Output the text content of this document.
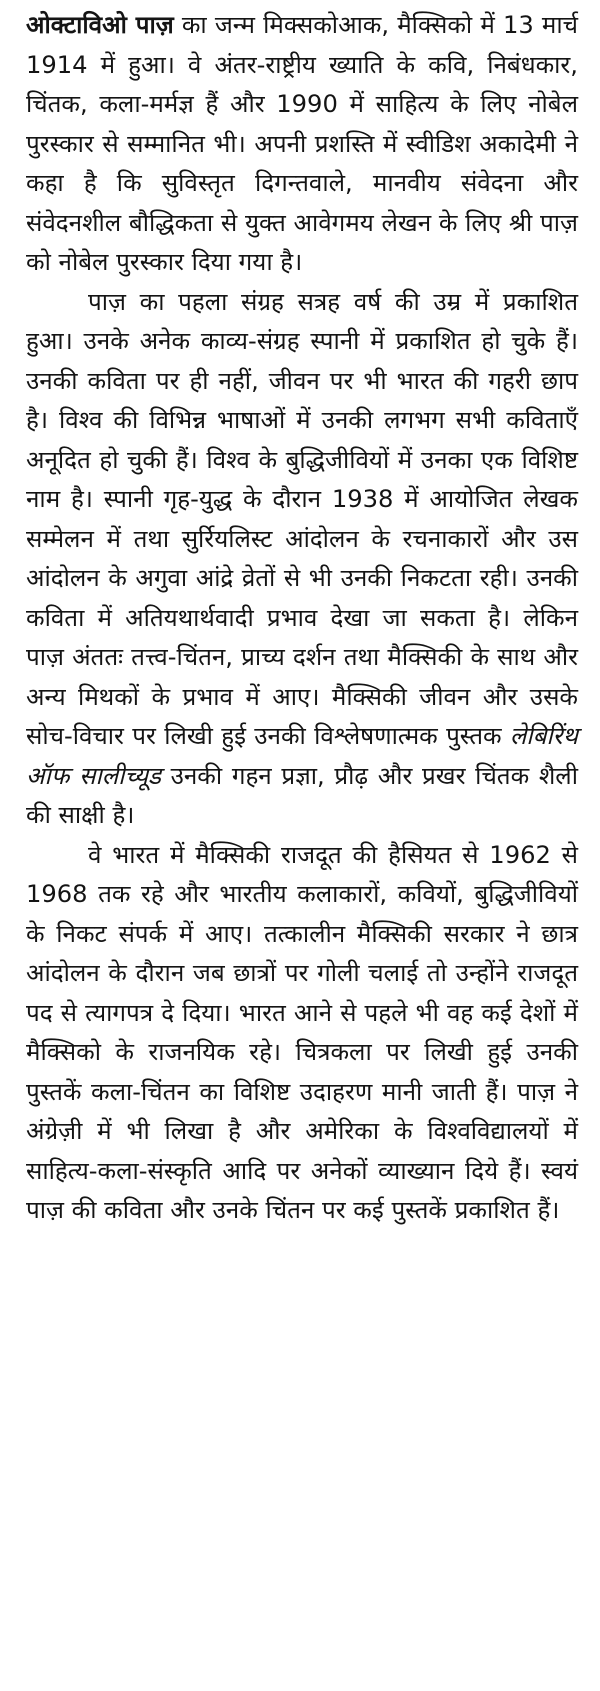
ओक्टाविओ पाज़ का जन्म मिक्सकोआक, मैक्सिको में 13 मार्च 1914 में हुआ। वे अंतर-राष्ट्रीय ख्याति के कवि, निबंधकार, चिंतक, कला-मर्मज्ञ हैं और 1990 में साहित्य के लिए नोबेल पुरस्कार से सम्मानित भी। अपनी प्रशस्ति में स्वीडिश अकादेमी ने कहा है कि सुविस्तृत दिगन्तवाले, मानवीय संवेदना और संवेदनशील बौद्धिकता से युक्त आवेगमय लेखन के लिए श्री पाज़ को नोबेल पुरस्कार दिया गया है।

पाज़ का पहला संग्रह सत्रह वर्ष की उम्र में प्रकाशित हुआ। उनके अनेक काव्य-संग्रह स्पानी में प्रकाशित हो चुके हैं। उनकी कविता पर ही नहीं, जीवन पर भी भारत की गहरी छाप है। विश्व की विभिन्न भाषाओं में उनकी लगभग सभी कविताएँ अनूदित हो चुकी हैं। विश्व के बुद्धिजीवियों में उनका एक विशिष्ट नाम है। स्पानी गृह-युद्ध के दौरान 1938 में आयोजित लेखक सम्मेलन में तथा सुर्रियलिस्ट आंदोलन के रचनाकारों और उस आंदोलन के अगुवा आंद्रे व्रेतों से भी उनकी निकटता रही। उनकी कविता में अतियथार्थवादी प्रभाव देखा जा सकता है। लेकिन पाज़ अंततः तत्त्व-चिंतन, प्राच्य दर्शन तथा मैक्सिकी के साथ और अन्य मिथकों के प्रभाव में आए। मैक्सिकी जीवन और उसके सोच-विचार पर लिखी हुई उनकी विश्लेषणात्मक पुस्तक लेबिरिंथ ऑफ सालीच्यूड उनकी गहन प्रज्ञा, प्रौढ़ और प्रखर चिंतक शैली की साक्षी है।

वे भारत में मैक्सिकी राजदूत की हैसियत से 1962 से 1968 तक रहे और भारतीय कलाकारों, कवियों, बुद्धिजीवियों के निकट संपर्क में आए। तत्कालीन मैक्सिकी सरकार ने छात्र आंदोलन के दौरान जब छात्रों पर गोली चलाई तो उन्होंने राजदूत पद से त्यागपत्र दे दिया। भारत आने से पहले भी वह कई देशों में मैक्सिको के राजनयिक रहे। चित्रकला पर लिखी हुई उनकी पुस्तकें कला-चिंतन का विशिष्ट उदाहरण मानी जाती हैं। पाज़ ने अंग्रेज़ी में भी लिखा है और अमेरिका के विश्वविद्यालयों में साहित्य-कला-संस्कृति आदि पर अनेकों व्याख्यान दिये हैं। स्वयं पाज़ की कविता और उनके चिंतन पर कई पुस्तकें प्रकाशित हैं।
